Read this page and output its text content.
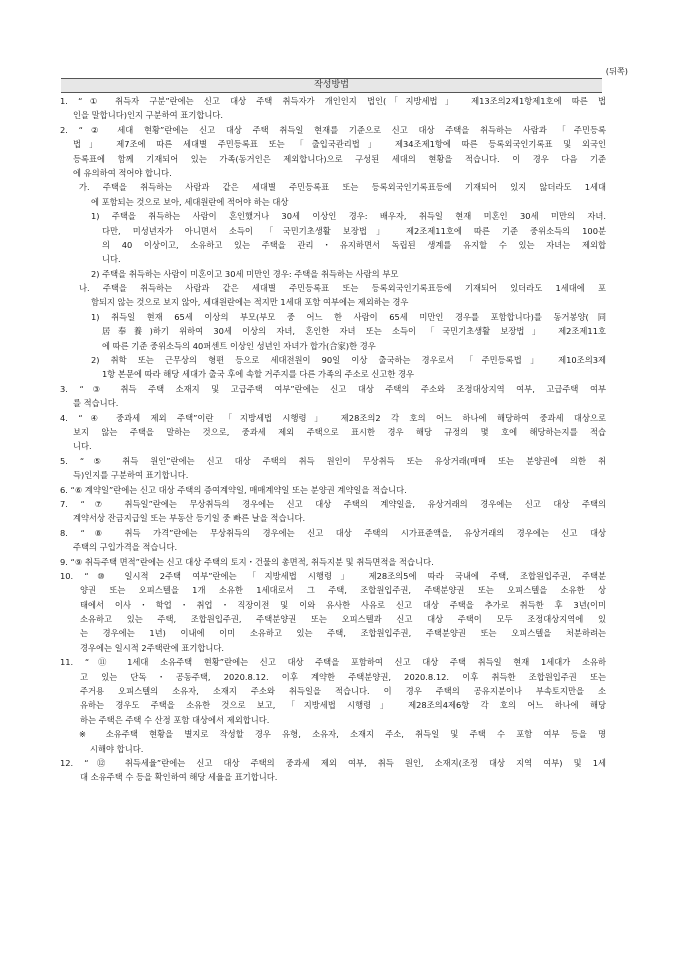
(뒤쪽)
작성방법
1. “① 취득자 구분”란에는 신고 대상 주택 취득자가 개인인지 법인(「지방세법」 제13조의2제1항제1호에 따른 법
인을 말합니다)인지 구분하여 표기합니다.
2. “② 세대 현황”란에는 신고 대상 주택 취득일 현재를 기준으로 신고 대상 주택을 취득하는 사람과 「주민등록
법」 제7조에 따른 세대별 주민등록표 또는 「출입국관리법」 제34조제1항에 따른 등록외국인기록표 및 외국인
등록표에 함께 기재되어 있는 가족(동거인은 제외합니다)으로 구성된 세대의 현황을 적습니다. 이 경우 다음 기준
에 유의하여 적어야 합니다.
가. 주택을 취득하는 사람과 같은 세대별 주민등록표 또는 등록외국인기록표등에 기재되어 있지 않더라도 1세대
에 포함되는 것으로 보아, 세대원란에 적어야 하는 대상
1) 주택을 취득하는 사람이 혼인했거나 30세 이상인 경우: 배우자, 취득일 현재 미혼인 30세 미만의 자녀.
다만, 미성년자가 아니면서 소득이 「국민기초생활 보장법」 제2조제11호에 따른 기준 중위소득의 100분
의 40 이상이고, 소유하고 있는 주택을 관리・유지하면서 독립된 생계를 유지할 수 있는 자녀는 제외합
니다.
2) 주택을 취득하는 사람이 미혼이고 30세 미만인 경우: 주택을 취득하는 사람의 부모
나. 주택을 취득하는 사람과 같은 세대별 주민등록표 또는 등록외국인기록표등에 기재되어 있더라도 1세대에 포
함되지 않는 것으로 보지 않아, 세대원란에는 적지만 1세대 포함 여부에는 제외하는 경우
1) 취득일 현재 65세 이상의 부모(부모 중 어느 한 사람이 65세 미만인 경우를 포함합니다)를 동거봉양(同
居奉養)하기 위하여 30세 이상의 자녀, 혼인한 자녀 또는 소득이 「국민기초생활 보장법」 제2조제11호
에 따른 기준 중위소득의 40퍼센트 이상인 성년인 자녀가 합가(合家)한 경우
2) 취학 또는 근무상의 형편 등으로 세대전원이 90일 이상 출국하는 경우로서 「주민등록법」 제10조의3제
1항 본문에 따라 해당 세대가 출국 후에 속할 거주지를 다른 가족의 주소로 신고한 경우
3. “③ 취득 주택 소재지 및 고급주택 여부”란에는 신고 대상 주택의 주소와 조정대상지역 여부, 고급주택 여부
를 적습니다.
4. “④ 중과세 제외 주택”이란 「지방세법 시행령」 제28조의2 각 호의 어느 하나에 해당하여 중과세 대상으로
보지 않는 주택을 말하는 것으로, 중과세 제외 주택으로 표시한 경우 해당 규정의 몇 호에 해당하는지를 적습
니다.
5. “⑤ 취득 원인”란에는 신고 대상 주택의 취득 원인이 무상취득 또는 유상거래(매매 또는 분양권에 의한 취
득)인지를 구분하여 표기합니다.
6. “⑥ 계약일”란에는 신고 대상 주택의 증여계약일, 매매계약일 또는 분양권 계약일을 적습니다.
7. “⑦ 취득일”란에는 무상취득의 경우에는 신고 대상 주택의 계약일을, 유상거래의 경우에는 신고 대상 주택의
계약서상 잔금지급일 또는 부동산 등기일 중 빠른 날을 적습니다.
8. “⑧ 취득 가격”란에는 무상취득의 경우에는 신고 대상 주택의 시가표준액을, 유상거래의 경우에는 신고 대상
주택의 구입가격을 적습니다.
9. “⑨ 취득주택 면적”란에는 신고 대상 주택의 토지・건물의 총면적, 취득지분 및 취득면적을 적습니다.
10. “⑩ 일시적 2주택 여부”란에는 「지방세법 시행령」 제28조의5에 따라 국내에 주택, 조합원입주권, 주택분
양권 또는 오피스텔을 1개 소유한 1세대로서 그 주택, 조합원입주권, 주택분양권 또는 오피스텔을 소유한 상
태에서 이사・학업・취업・직장이전 및 이와 유사한 사유로 신고 대상 주택을 추가로 취득한 후 3년(이미
소유하고 있는 주택, 조합원입주권, 주택분양권 또는 오피스텔과 신고 대상 주택이 모두 조정대상지역에 있
는 경우에는 1년) 이내에 이미 소유하고 있는 주택, 조합원입주권, 주택분양권 또는 오피스텔을 처분하려는
경우에는 일시적 2주택란에 표기합니다.
11. “⑪ 1세대 소유주택 현황”란에는 신고 대상 주택을 포함하여 신고 대상 주택 취득일 현재 1세대가 소유하
고 있는 단독・공동주택, 2020.8.12. 이후 계약한 주택분양권, 2020.8.12. 이후 취득한 조합원입주권 또는
주거용 오피스텔의 소유자, 소재지 주소와 취득일을 적습니다. 이 경우 주택의 공유지분이나 부속토지만을 소
유하는 경우도 주택을 소유한 것으로 보고, 「지방세법 시행령」 제28조의4제6항 각 호의 어느 하나에 해당
하는 주택은 주택 수 산정 포함 대상에서 제외합니다.
※ 소유주택 현황을 별지로 작성할 경우 유형, 소유자, 소재지 주소, 취득일 및 주택 수 포함 여부 등을 명
시해야 합니다.
12. “⑫ 취득세율”란에는 신고 대상 주택의 중과세 제외 여부, 취득 원인, 소재지(조정 대상 지역 여부) 및 1세
대 소유주택 수 등을 확인하여 해당 세율을 표기합니다.
